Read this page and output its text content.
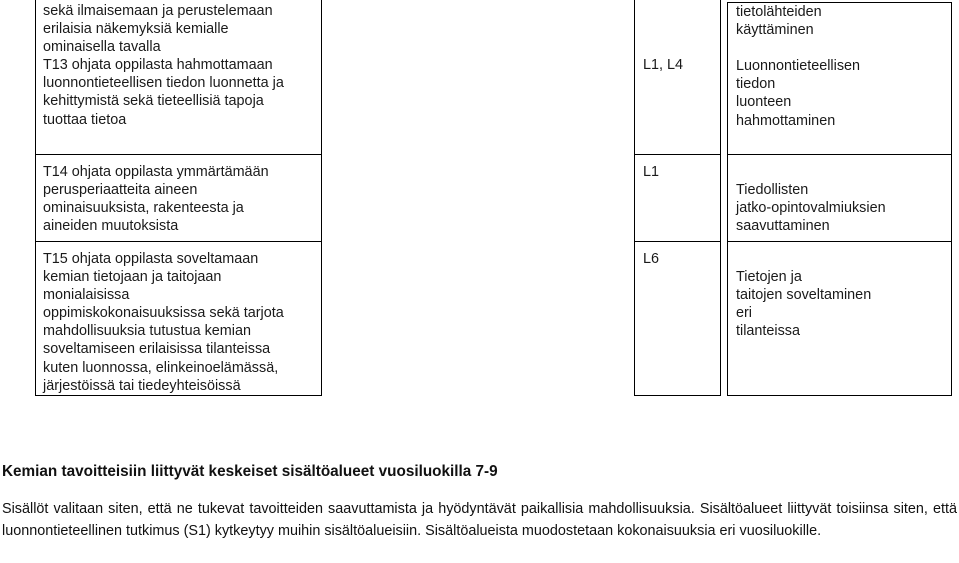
sekä ilmaisemaan ja perustelemaan
erilaisia näkemyksiä kemialle
ominaisella tavalla
T13 ohjata oppilasta hahmottamaan
luonnontieteellisen tiedon luonnetta ja
kehittymistä sekä tieteellisiä tapoja
tuottaa tietoa

L1, L4
tietolähteiden
käyttäminen

Luonnontieteellisen
tiedon
luonteen
hahmottaminen
T14 ohjata oppilasta ymmärtämään
perusperiaatteita aineen
ominaisuuksista, rakenteesta ja
aineiden muutoksista
L1

Tiedollisten
jatko-opintovalmiuksien
saavuttaminen
T15 ohjata oppilasta soveltamaan
kemian tietojaan ja taitojaan
monialaisissa
oppimiskokonaisuuksissa sekä tarjota
mahdollisuuksia tutustua kemian
soveltamiseen erilaisissa tilanteissa
kuten luonnossa, elinkeinoelämässä,
järjestöissä tai tiedeyhteisöissä
L6

Tietojen ja
taitojen soveltaminen
eri
tilanteissa
Kemian tavoitteisiin liittyvät keskeiset sisältöalueet vuosiluokilla 7-9
Sisällöt valitaan siten, että ne tukevat tavoitteiden saavuttamista ja hyödyntävät paikallisia mahdollisuuksia. Sisältöalueet liittyvät toisiinsa siten, että luonnontieteellinen tutkimus (S1) kytkeytyy muihin sisältöalueisiin. Sisältöalueista muodostetaan kokonaisuuksia eri vuosiluokille.
